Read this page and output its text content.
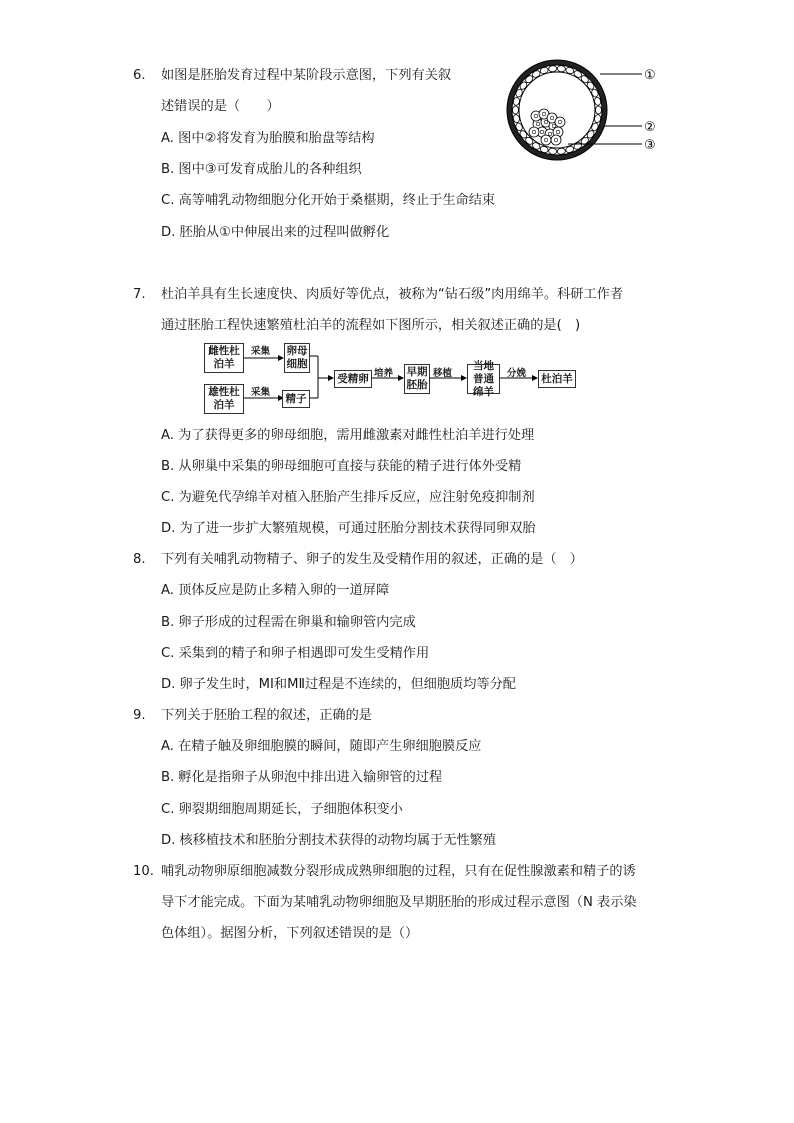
6. 如图是胚胎发育过程中某阶段示意图，下列有关叙
述错误的是（　　）
A. 图中②将发育为胎膜和胎盘等结构
B. 图中③可发育成胎儿的各种组织
C. 高等哺乳动物细胞分化开始于桑椹期，终止于生命结束
D. 胚胎从①中伸展出来的过程叫做孵化
①
②
③
7. 杜泊羊具有生长速度快、肉质好等优点，被称为“钻石级”肉用绵羊。科研工作者
通过胚胎工程快速繁殖杜泊羊的流程如下图所示，相关叙述正确的是(　)
雌性杜泊羊
雄性杜泊羊
采集
采集
卵母细胞
精子
受精卵 培养 早期胚胎
移植
当地普通绵羊
分娩	杜泊羊
A. 为了获得更多的卵母细胞，需用雌激素对雌性杜泊羊进行处理
B. 从卵巢中采集的卵母细胞可直接与获能的精子进行体外受精
C. 为避免代孕绵羊对植入胚胎产生排斥反应，应注射免疫抑制剂
D. 为了进一步扩大繁殖规模，可通过胚胎分割技术获得同卵双胎
8. 下列有关哺乳动物精子、卵子的发生及受精作用的叙述，正确的是（　）
A. 顶体反应是防止多精入卵的一道屏障
B. 卵子形成的过程需在卵巢和输卵管内完成
C. 采集到的精子和卵子相遇即可发生受精作用
D. 卵子发生时，MⅠ和MⅡ过程是不连续的，但细胞质均等分配
9. 下列关于胚胎工程的叙述，正确的是
A. 在精子触及卵细胞膜的瞬间，随即产生卵细胞膜反应
B. 孵化是指卵子从卵泡中排出进入输卵管的过程
C. 卵裂期细胞周期延长，子细胞体积变小
D. 核移植技术和胚胎分割技术获得的动物均属于无性繁殖
10. 哺乳动物卵原细胞减数分裂形成成熟卵细胞的过程，只有在促性腺激素和精子的诱
导下才能完成。下面为某哺乳动物卵细胞及早期胚胎的形成过程示意图（N 表示染
色体组）。据图分析，下列叙述错误的是（）
